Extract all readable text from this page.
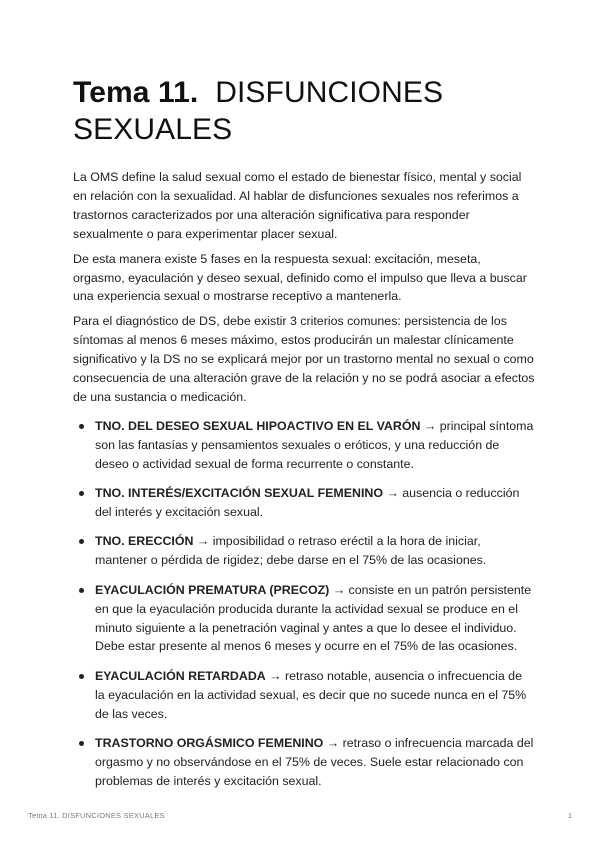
Tema 11. DISFUNCIONES SEXUALES

La OMS define la salud sexual como el estado de bienestar físico, mental y social en relación con la sexualidad. Al hablar de disfunciones sexuales nos referimos a trastornos caracterizados por una alteración significativa para responder sexualmente o para experimentar placer sexual.

De esta manera existe 5 fases en la respuesta sexual: excitación, meseta, orgasmo, eyaculación y deseo sexual, definido como el impulso que lleva a buscar una experiencia sexual o mostrarse receptivo a mantenerla.

Para el diagnóstico de DS, debe existir 3 criterios comunes: persistencia de los síntomas al menos 6 meses máximo, estos producirán un malestar clínicamente significativo y la DS no se explicará mejor por un trastorno mental no sexual o como consecuencia de una alteración grave de la relación y no se podrá asociar a efectos de una sustancia o medicación.

TNO. DEL DESEO SEXUAL HIPOACTIVO EN EL VARÓN → principal síntoma son las fantasías y pensamientos sexuales o eróticos, y una reducción de deseo o actividad sexual de forma recurrente o constante.
TNO. INTERÉS/EXCITACIÓN SEXUAL FEMENINO → ausencia o reducción del interés y excitación sexual.
TNO. ERECCIÓN → imposibilidad o retraso eréctil a la hora de iniciar, mantener o pérdida de rigidez; debe darse en el 75% de las ocasiones.
EYACULACIÓN PREMATURA (PRECOZ) → consiste en un patrón persistente en que la eyaculación producida durante la actividad sexual se produce en el minuto siguiente a la penetración vaginal y antes a que lo desee el individuo. Debe estar presente al menos 6 meses y ocurre en el 75% de las ocasiones.
EYACULACIÓN RETARDADA → retraso notable, ausencia o infrecuencia de la eyaculación en la actividad sexual, es decir que no sucede nunca en el 75% de las veces.
TRASTORNO ORGÁSMICO FEMENINO → retraso o infrecuencia marcada del orgasmo y no observándose en el 75% de veces. Suele estar relacionado con problemas de interés y excitación sexual.
Tema 11. DISFUNCIONES SEXUALES	1
